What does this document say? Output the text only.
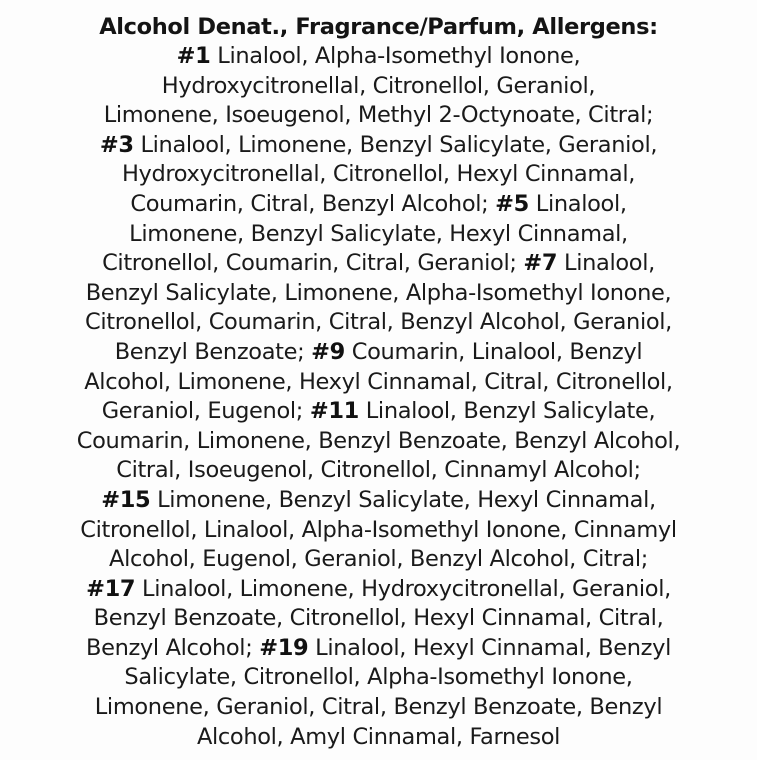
Alcohol Denat., Fragrance/Parfum, Allergens:
#1 Linalool, Alpha-Isomethyl Ionone,
Hydroxycitronellal, Citronellol, Geraniol,
Limonene, Isoeugenol, Methyl 2-Octynoate, Citral;
#3 Linalool, Limonene, Benzyl Salicylate, Geraniol,
Hydroxycitronellal, Citronellol, Hexyl Cinnamal,
Coumarin, Citral, Benzyl Alcohol; #5 Linalool,
Limonene, Benzyl Salicylate, Hexyl Cinnamal,
Citronellol, Coumarin, Citral, Geraniol; #7 Linalool,
Benzyl Salicylate, Limonene, Alpha-Isomethyl Ionone,
Citronellol, Coumarin, Citral, Benzyl Alcohol, Geraniol,
Benzyl Benzoate; #9 Coumarin, Linalool, Benzyl
Alcohol, Limonene, Hexyl Cinnamal, Citral, Citronellol,
Geraniol, Eugenol; #11 Linalool, Benzyl Salicylate,
Coumarin, Limonene, Benzyl Benzoate, Benzyl Alcohol,
Citral, Isoeugenol, Citronellol, Cinnamyl Alcohol;
#15 Limonene, Benzyl Salicylate, Hexyl Cinnamal,
Citronellol, Linalool, Alpha-Isomethyl Ionone, Cinnamyl
Alcohol, Eugenol, Geraniol, Benzyl Alcohol, Citral;
#17 Linalool, Limonene, Hydroxycitronellal, Geraniol,
Benzyl Benzoate, Citronellol, Hexyl Cinnamal, Citral,
Benzyl Alcohol; #19 Linalool, Hexyl Cinnamal, Benzyl
Salicylate, Citronellol, Alpha-Isomethyl Ionone,
Limonene, Geraniol, Citral, Benzyl Benzoate, Benzyl
Alcohol, Amyl Cinnamal, Farnesol
